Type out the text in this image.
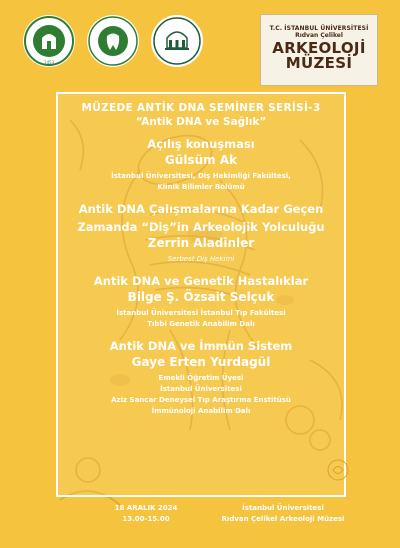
1453
T.C. İSTANBUL ÜNİVERSİTESİ
Rıdvan Çelikel
ARKEOLOJİ
MÜZESİ
MÜZEDE ANTİK DNA SEMİNER SERİSİ-3
“Antik DNA ve Sağlık”
Açılış konuşması
Gülsüm Ak
İstanbul Üniversitesi, Diş Hekimliği Fakültesi,
Klinik Bilimler Bölümü
Antik DNA Çalışmalarına Kadar Geçen
Zamanda “Diş”in Arkeolojik Yolculuğu
Zerrin Aladinler
Serbest Diş Hekimi
Antik DNA ve Genetik Hastalıklar
Bilge Ş. Özsait Selçuk
İstanbul Üniversitesi İstanbul Tıp Fakültesi
Tıbbi Genetik Anabilim Dalı
Antik DNA ve İmmün Sistem
Gaye Erten Yurdagül
Emekli Öğretim Üyesi
İstanbul Üniversitesi
Aziz Sancar Deneysel Tıp Araştırma Enstitüsü
İmmünoloji Anabilim Dalı
18 ARALIK 2024
13.00-15.00
İstanbul Üniversitesi
Rıdvan Çelikel Arkeoloji Müzesi
